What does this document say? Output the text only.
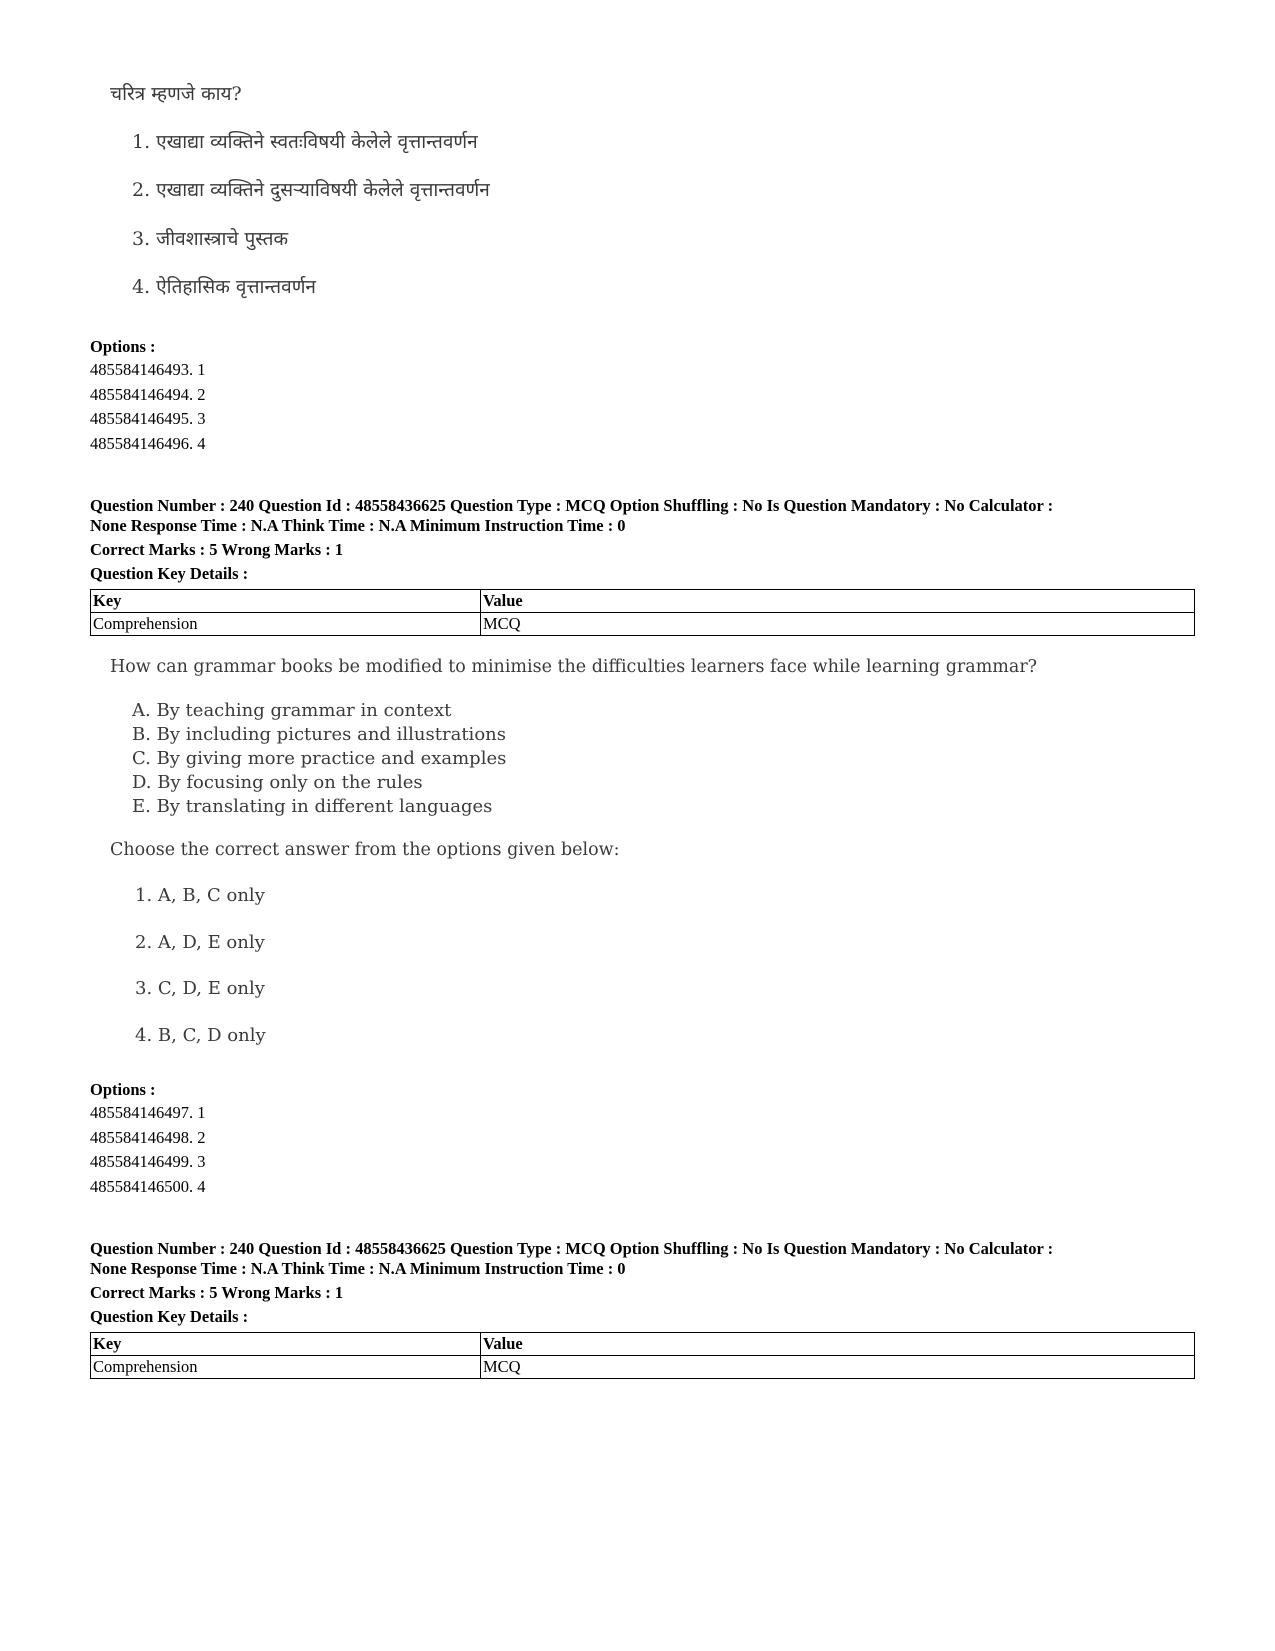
चरित्र म्हणजे काय?
1. एखाद्या व्यक्तिने स्वतःविषयी केलेले वृत्तान्तवर्णन
2. एखाद्या व्यक्तिने दुसऱ्याविषयी केलेले वृत्तान्तवर्णन
3. जीवशास्त्राचे पुस्तक
4. ऐतिहासिक वृत्तान्तवर्णन
Options :
485584146493. 1
485584146494. 2
485584146495. 3
485584146496. 4
Question Number : 240 Question Id : 48558436625 Question Type : MCQ Option Shuffling : No Is Question Mandatory : No Calculator :
None Response Time : N.A Think Time : N.A Minimum Instruction Time : 0
Correct Marks : 5 Wrong Marks : 1
Question Key Details :
Key	Value
Comprehension	MCQ
How can grammar books be modified to minimise the difficulties learners face while learning grammar?
A. By teaching grammar in context
B. By including pictures and illustrations
C. By giving more practice and examples
D. By focusing only on the rules
E. By translating in different languages
Choose the correct answer from the options given below:
1. A, B, C only
2. A, D, E only
3. C, D, E only
4. B, C, D only
Options :
485584146497. 1
485584146498. 2
485584146499. 3
485584146500. 4
Question Number : 240 Question Id : 48558436625 Question Type : MCQ Option Shuffling : No Is Question Mandatory : No Calculator :
None Response Time : N.A Think Time : N.A Minimum Instruction Time : 0
Correct Marks : 5 Wrong Marks : 1
Question Key Details :
Key	Value
Comprehension	MCQ
